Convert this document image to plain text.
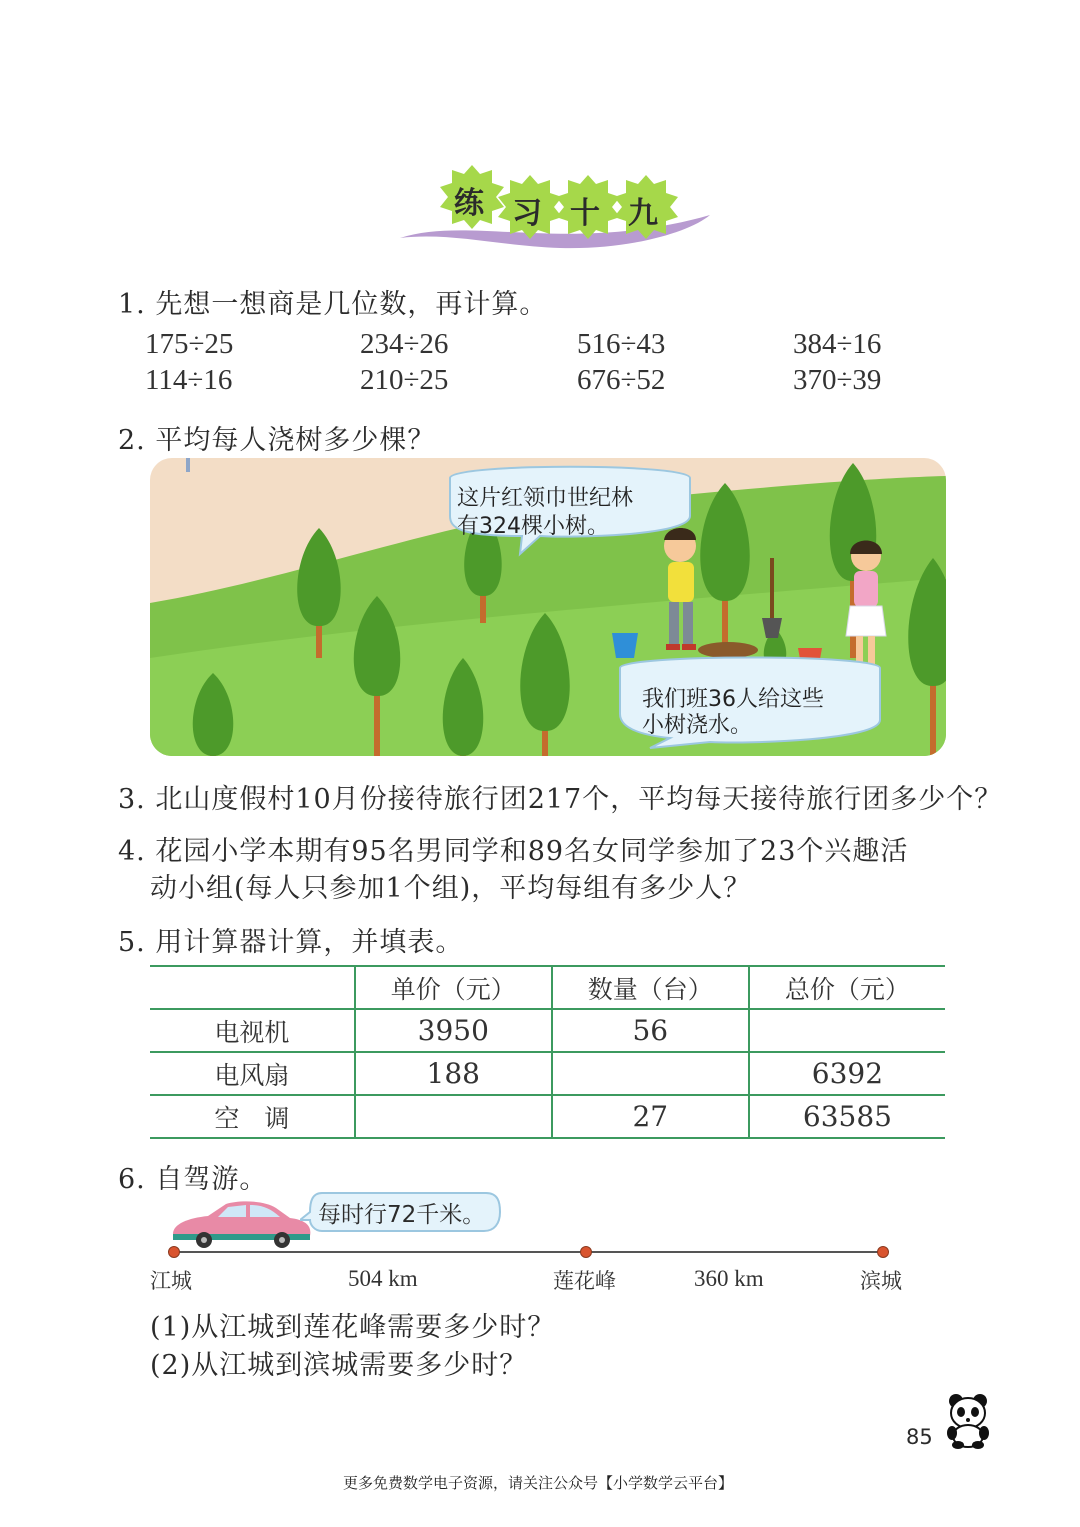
练 习 十 九
1. 先想一想商是几位数，再计算。
175÷25	234÷26	516÷43	384÷16
114÷16	210÷25	676÷52	370÷39
2. 平均每人浇树多少棵？
这片红领巾世纪林
有324棵小树。
我们班36人给这些
小树浇水。
3. 北山度假村10月份接待旅行团217个，平均每天接待旅行团多少个？
4. 花园小学本期有95名男同学和89名女同学参加了23个兴趣活
动小组(每人只参加1个组)，平均每组有多少人？
5. 用计算器计算，并填表。
	单价（元）	数量（台）	总价（元）
电视机	3950	56	
电风扇	188		6392
空　调		27	63585
6. 自驾游。
每时行72千米。
江城	莲花峰	滨城
504 km	360 km
(1)从江城到莲花峰需要多少时？
(2)从江城到滨城需要多少时？
85
更多免费数学电子资源，请关注公众号【小学数学云平台】
